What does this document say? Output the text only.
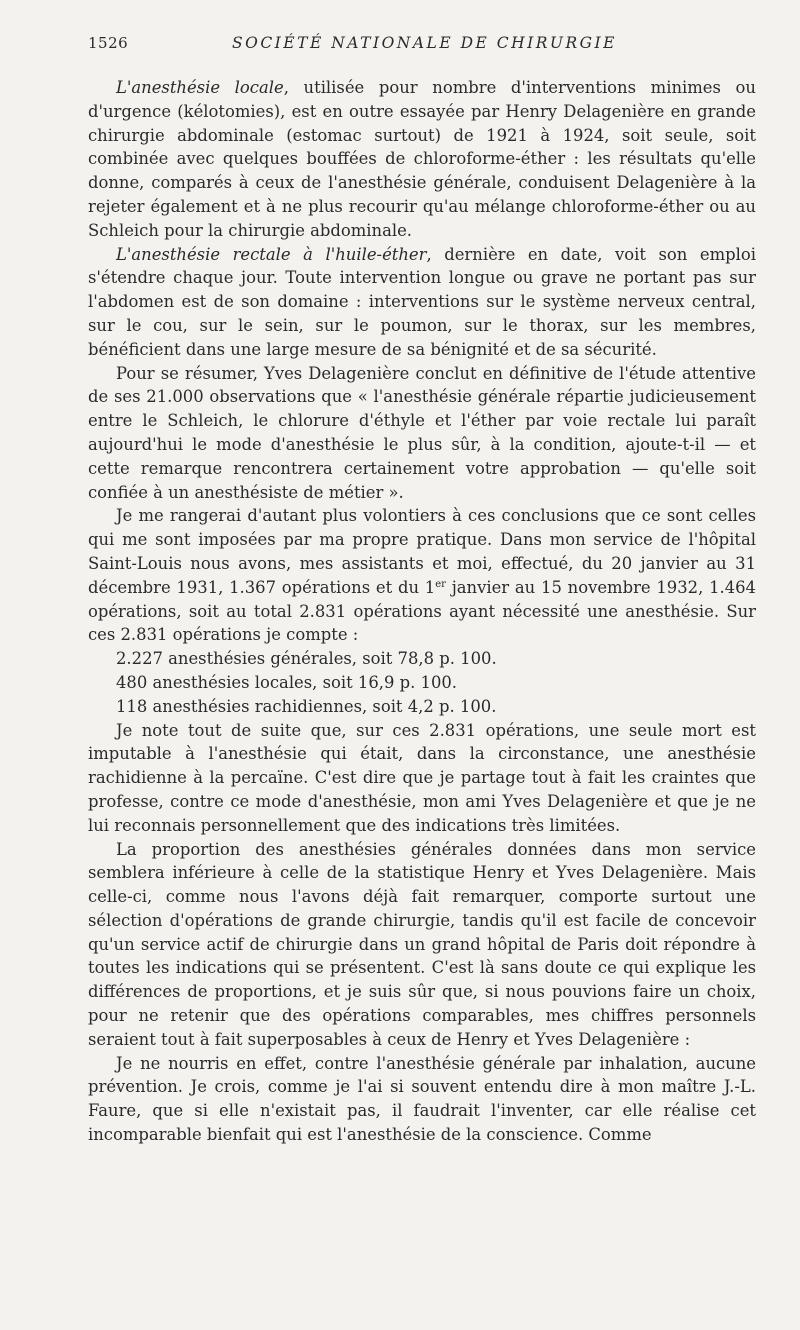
1526	SOCIÉTÉ NATIONALE DE CHIRURGIE

L'anesthésie locale, utilisée pour nombre d'interventions minimes ou d'urgence (kélotomies), est en outre essayée par Henry Delagenière en grande chirurgie abdominale (estomac surtout) de 1921 à 1924, soit seule, soit combinée avec quelques bouffées de chloroforme-éther : les résultats qu'elle donne, comparés à ceux de l'anesthésie générale, conduisent Delagenière à la rejeter également et à ne plus recourir qu'au mélange chloroforme-éther ou au Schleich pour la chirurgie abdominale.

L'anesthésie rectale à l'huile-éther, dernière en date, voit son emploi s'étendre chaque jour. Toute intervention longue ou grave ne portant pas sur l'abdomen est de son domaine : interventions sur le système nerveux central, sur le cou, sur le sein, sur le poumon, sur le thorax, sur les membres, bénéficient dans une large mesure de sa bénignité et de sa sécurité.

Pour se résumer, Yves Delagenière conclut en définitive de l'étude attentive de ses 21.000 observations que « l'anesthésie générale répartie judicieusement entre le Schleich, le chlorure d'éthyle et l'éther par voie rectale lui paraît aujourd'hui le mode d'anesthésie le plus sûr, à la condition, ajoute-t-il — et cette remarque rencontrera certainement votre approbation — qu'elle soit confiée à un anesthésiste de métier ».

Je me rangerai d'autant plus volontiers à ces conclusions que ce sont celles qui me sont imposées par ma propre pratique. Dans mon service de l'hôpital Saint-Louis nous avons, mes assistants et moi, effectué, du 20 janvier au 31 décembre 1931, 1.367 opérations et du 1er janvier au 15 novembre 1932, 1.464 opérations, soit au total 2.831 opérations ayant nécessité une anesthésie. Sur ces 2.831 opérations je compte :

2.227 anesthésies générales, soit 78,8 p. 100.

480 anesthésies locales, soit 16,9 p. 100.

118 anesthésies rachidiennes, soit 4,2 p. 100.

Je note tout de suite que, sur ces 2.831 opérations, une seule mort est imputable à l'anesthésie qui était, dans la circonstance, une anesthésie rachidienne à la percaïne. C'est dire que je partage tout à fait les craintes que professe, contre ce mode d'anesthésie, mon ami Yves Delagenière et que je ne lui reconnais personnellement que des indications très limitées.

La proportion des anesthésies générales données dans mon service semblera inférieure à celle de la statistique Henry et Yves Delagenière. Mais celle-ci, comme nous l'avons déjà fait remarquer, comporte surtout une sélection d'opérations de grande chirurgie, tandis qu'il est facile de concevoir qu'un service actif de chirurgie dans un grand hôpital de Paris doit répondre à toutes les indications qui se présentent. C'est là sans doute ce qui explique les différences de proportions, et je suis sûr que, si nous pouvions faire un choix, pour ne retenir que des opérations comparables, mes chiffres personnels seraient tout à fait superposables à ceux de Henry et Yves Delagenière :

Je ne nourris en effet, contre l'anesthésie générale par inhalation, aucune prévention. Je crois, comme je l'ai si souvent entendu dire à mon maître J.-L. Faure, que si elle n'existait pas, il faudrait l'inventer, car elle réalise cet incomparable bienfait qui est l'anesthésie de la conscience. Comme
